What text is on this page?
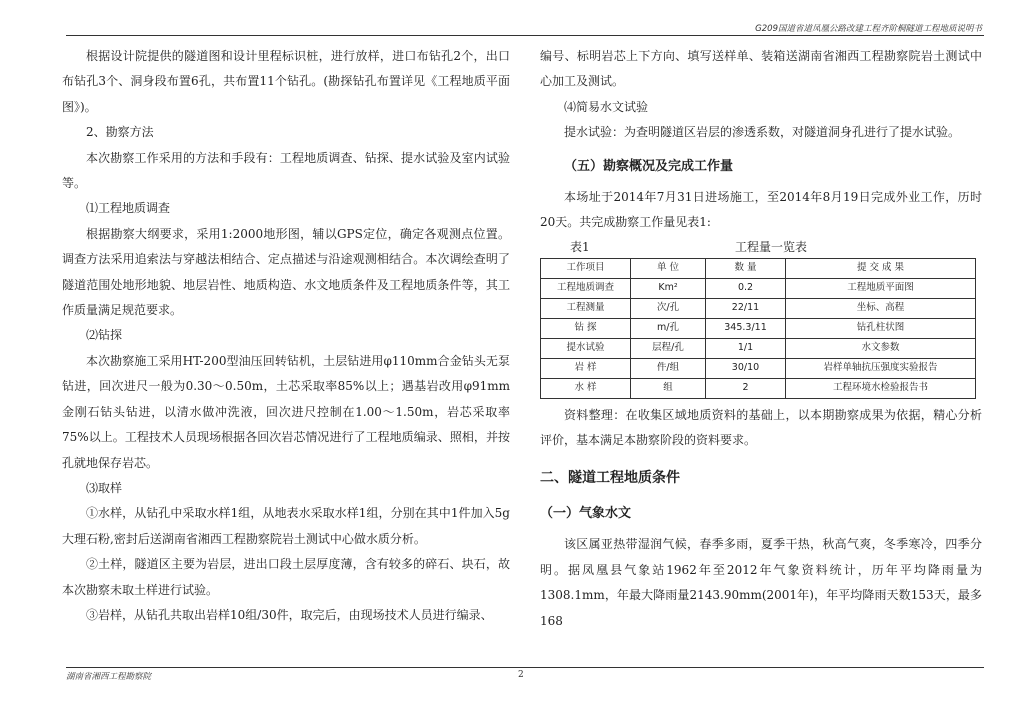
G209国道省道凤凰公路改建工程齐阶桐隧道工程地质说明书

根据设计院提供的隧道图和设计里程标识桩，进行放样，进口布钻孔2个，出口布钻孔3个、洞身段布置6孔，共布置11个钻孔。(勘探钻孔布置详见《工程地质平面图》)。

2、勘察方法

本次勘察工作采用的方法和手段有：工程地质调查、钻探、提水试验及室内试验等。

⑴工程地质调查

根据勘察大纲要求，采用1:2000地形图，辅以GPS定位，确定各观测点位置。调查方法采用追索法与穿越法相结合、定点描述与沿途观测相结合。本次调绘查明了隧道范围处地形地貌、地层岩性、地质构造、水文地质条件及工程地质条件等，其工作质量满足规范要求。

⑵钻探

本次勘察施工采用HT-200型油压回转钻机，土层钻进用φ110mm合金钻头无泵钻进，回次进尺一般为0.30～0.50m，土芯采取率85%以上；遇基岩改用φ91mm金刚石钻头钻进，以清水做冲洗液，回次进尺控制在1.00～1.50m，岩芯采取率75%以上。工程技术人员现场根据各回次岩芯情况进行了工程地质编录、照相，并按孔就地保存岩芯。

⑶取样

①水样，从钻孔中采取水样1组，从地表水采取水样1组，分别在其中1件加入5g大理石粉,密封后送湖南省湘西工程勘察院岩土测试中心做水质分析。

②土样，隧道区主要为岩层，进出口段土层厚度薄，含有较多的碎石、块石，故本次勘察未取土样进行试验。

③岩样，从钻孔共取出岩样10组/30件，取完后，由现场技术人员进行编录、

编号、标明岩芯上下方向、填写送样单、装箱送湖南省湘西工程勘察院岩土测试中心加工及测试。

⑷简易水文试验

提水试验：为查明隧道区岩层的渗透系数，对隧道洞身孔进行了提水试验。

（五）勘察概况及完成工作量

本场址于2014年7月31日进场施工，至2014年8月19日完成外业工作，历时20天。共完成勘察工作量见表1:

表1	工程量一览表
工作项目	单 位	数 量	提 交 成 果
工程地质调查	Km²	0.2	工程地质平面图
工程测量	次/孔	22/11	坐标、高程
钻 探	m/孔	345.3/11	钻孔柱状图
提水试验	层程/孔	1/1	水文参数
岩 样	件/组	30/10	岩样单轴抗压强度实验报告
水 样	组	2	工程环境水检验报告书

资料整理：在收集区域地质资料的基础上，以本期勘察成果为依据，精心分析评价，基本满足本勘察阶段的资料要求。

二、隧道工程地质条件

（一）气象水文

该区属亚热带湿润气候，春季多雨，夏季干热，秋高气爽，冬季寒冷，四季分明。据凤凰县气象站1962年至2012年气象资料统计，历年平均降雨量为1308.1mm，年最大降雨量2143.90mm(2001年)，年平均降雨天数153天，最多168

湖南省湘西工程勘察院	2
